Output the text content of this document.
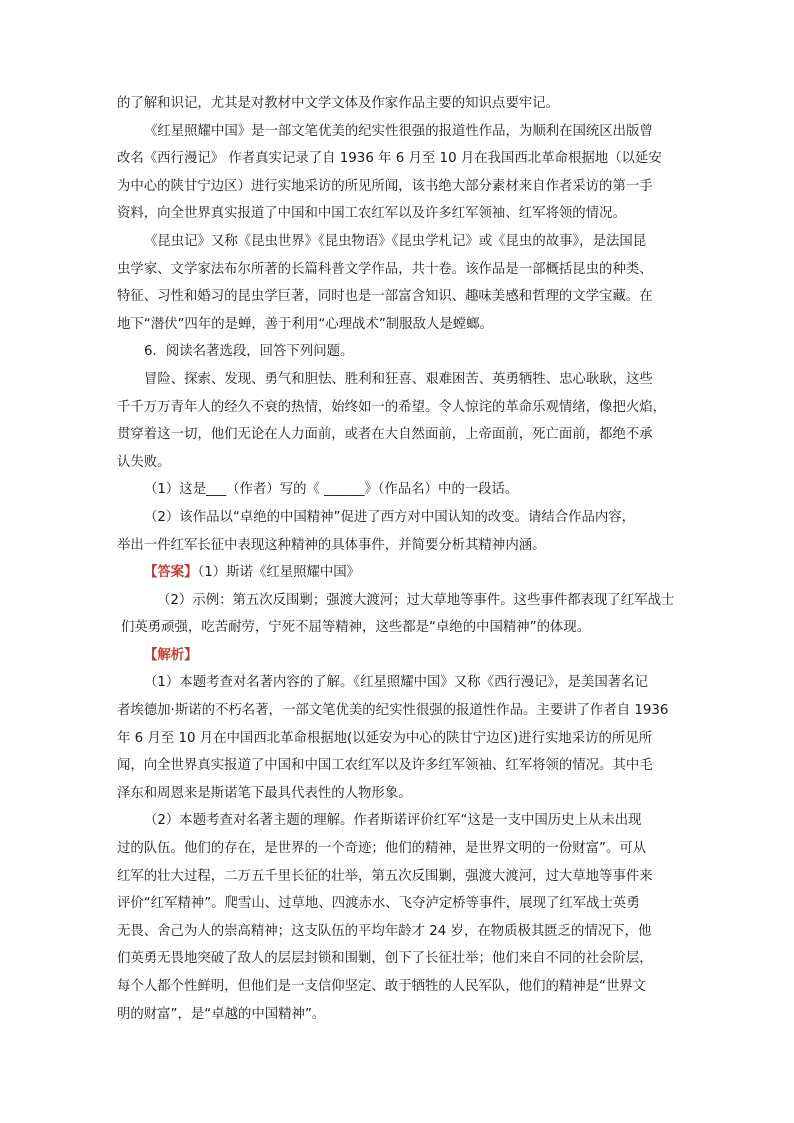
的了解和识记，尤其是对教材中文学文体及作家作品主要的知识点要牢记。
《红星照耀中国》是一部文笔优美的纪实性很强的报道性作品，为顺利在国统区出版曾
改名《西行漫记》 作者真实记录了自 1936 年 6 月至 10 月在我国西北革命根据地（以延安
为中心的陕甘宁边区）进行实地采访的所见所闻，该书绝大部分素材来自作者采访的第一手
资料，向全世界真实报道了中国和中国工农红军以及许多红军领袖、红军将领的情况。
《昆虫记》又称《昆虫世界》《昆虫物语》《昆虫学札记》或《昆虫的故事》，是法国昆
虫学家、文学家法布尔所著的长篇科普文学作品，共十卷。该作品是一部概括昆虫的种类、
特征、习性和婚习的昆虫学巨著，同时也是一部富含知识、趣味美感和哲理的文学宝藏。在
地下“潜伏”四年的是蝉，善于利用“心理战术”制服敌人是螳螂。
6．阅读名著选段，回答下列问题。
冒险、探索、发现、勇气和胆怯、胜利和狂喜、艰难困苦、英勇牺牲、忠心耿耿，这些
千千万万青年人的经久不衰的热情，始终如一的希望。令人惊诧的革命乐观情绪，像把火焰，
贯穿着这一切，他们无论在人力面前，或者在大自然面前，上帝面前，死亡面前，都绝不承
认失败。
（1）这是___（作者）写的《 ______》（作品名）中的一段话。
（2）该作品以“卓绝的中国精神”促进了西方对中国认知的改变。请结合作品内容，
举出一件红军长征中表现这种精神的具体事件，并简要分析其精神内涵。
【答案】（1）斯诺《红星照耀中国》
（2）示例：第五次反围剿；强渡大渡河；过大草地等事件。这些事件都表现了红军战士
们英勇顽强，吃苦耐劳，宁死不屈等精神，这些都是“卓绝的中国精神”的体现。
【解析】
（1）本题考查对名著内容的了解。《红星照耀中国》又称《西行漫记》，是美国著名记
者埃德加·斯诺的不朽名著，一部文笔优美的纪实性很强的报道性作品。主要讲了作者自 1936
年 6 月至 10 月在中国西北革命根据地(以延安为中心的陕甘宁边区)进行实地采访的所见所
闻，向全世界真实报道了中国和中国工农红军以及许多红军领袖、红军将领的情况。其中毛
泽东和周恩来是斯诺笔下最具代表性的人物形象。
（2）本题考查对名著主题的理解。作者斯诺评价红军“这是一支中国历史上从未出现
过的队伍。他们的存在，是世界的一个奇迹；他们的精神，是世界文明的一份财富”。可从
红军的壮大过程，二万五千里长征的壮举，第五次反围剿，强渡大渡河，过大草地等事件来
评价“红军精神”。爬雪山、过草地、四渡赤水、飞夺泸定桥等事件，展现了红军战士英勇
无畏、舍己为人的崇高精神；这支队伍的平均年龄才 24 岁，在物质极其匮乏的情况下，他
们英勇无畏地突破了敌人的层层封锁和围剿，创下了长征壮举；他们来自不同的社会阶层，
每个人都个性鲜明，但他们是一支信仰坚定、敢于牺牲的人民军队，他们的精神是“世界文
明的财富”，是“卓越的中国精神”。
